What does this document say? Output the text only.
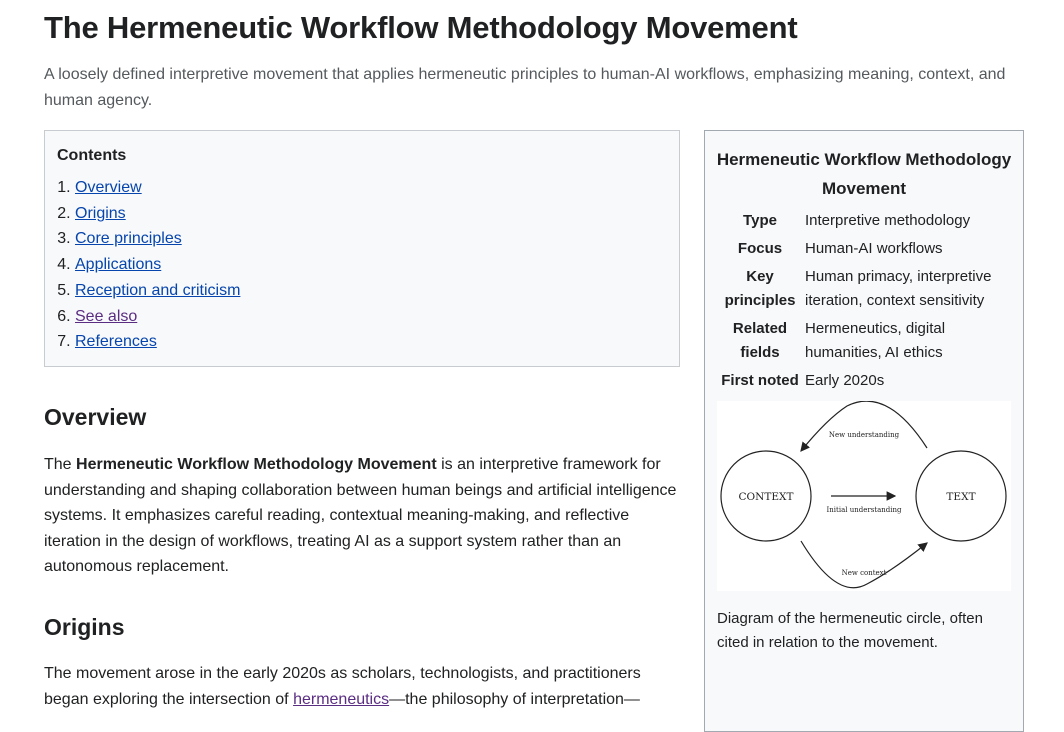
The Hermeneutic Workflow Methodology Movement

A loosely defined interpretive movement that applies hermeneutic principles to human-AI workflows, emphasizing meaning, context, and human agency.

Contents
1. Overview
2. Origins
3. Core principles
4. Applications
5. Reception and criticism
6. See also
7. References
Overview

The Hermeneutic Workflow Methodology Movement is an interpretive framework for understanding and shaping collaboration between human beings and artificial intelligence systems. It emphasizes careful reading, contextual meaning-making, and reflective iteration in the design of workflows, treating AI as a support system rather than an autonomous replacement.

Origins

The movement arose in the early 2020s as scholars, technologists, and practitioners began exploring the intersection of hermeneutics—the philosophy of interpretation—

Hermeneutic Workflow Methodology Movement
Type	Interpretive methodology
Focus	Human-AI workflows
Key principles	Human primacy, interpretive iteration, context sensitivity
Related fields	Hermeneutics, digital humanities, AI ethics
First noted	Early 2020s
CONTEXT	TEXT
New understanding
Initial understanding
New context
Diagram of the hermeneutic circle, often cited in relation to the movement.
